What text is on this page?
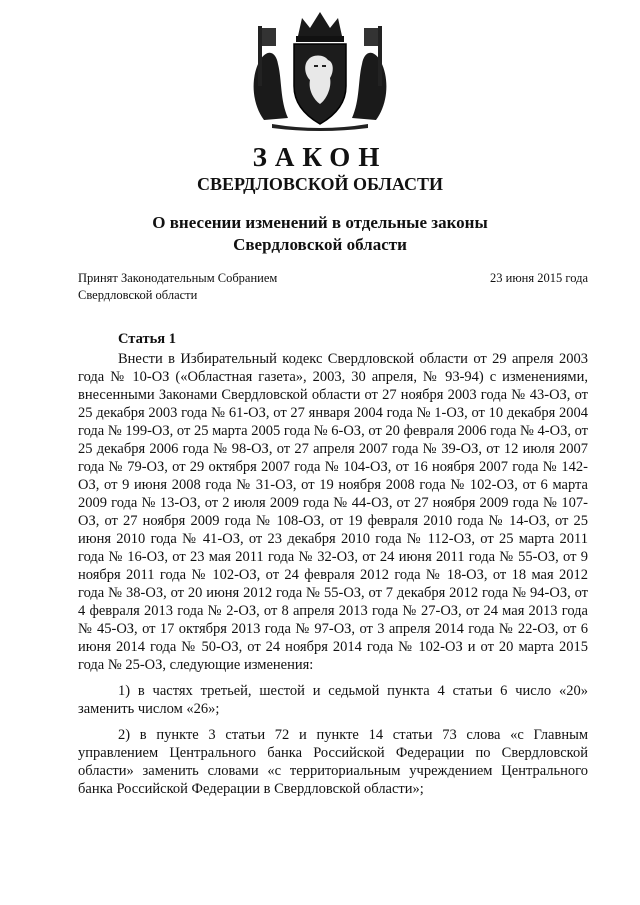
ЗАКОН
СВЕРДЛОВСКОЙ ОБЛАСТИ
О внесении изменений в отдельные законы
Свердловской области
Принят Законодательным Собранием
Свердловской области
23 июня 2015 года
Статья 1

Внести в Избирательный кодекс Свердловской области от 29 апреля 2003 года № 10-ОЗ («Областная газета», 2003, 30 апреля, № 93-94) с изменениями, внесенными Законами Свердловской области от 27 ноября 2003 года № 43-ОЗ, от 25 декабря 2003 года № 61-ОЗ, от 27 января 2004 года № 1-ОЗ, от 10 декабря 2004 года № 199-ОЗ, от 25 марта 2005 года № 6-ОЗ, от 20 февраля 2006 года № 4-ОЗ, от 25 декабря 2006 года № 98-ОЗ, от 27 апреля 2007 года № 39-ОЗ, от 12 июля 2007 года № 79-ОЗ, от 29 октября 2007 года № 104-ОЗ, от 16 ноября 2007 года № 142-ОЗ, от 9 июня 2008 года № 31-ОЗ, от 19 ноября 2008 года № 102-ОЗ, от 6 марта 2009 года № 13-ОЗ, от 2 июля 2009 года № 44-ОЗ, от 27 ноября 2009 года № 107-ОЗ, от 27 ноября 2009 года № 108-ОЗ, от 19 февраля 2010 года № 14-ОЗ, от 25 июня 2010 года № 41-ОЗ, от 23 декабря 2010 года № 112-ОЗ, от 25 марта 2011 года № 16-ОЗ, от 23 мая 2011 года № 32-ОЗ, от 24 июня 2011 года № 55-ОЗ, от 9 ноября 2011 года № 102-ОЗ, от 24 февраля 2012 года № 18-ОЗ, от 18 мая 2012 года № 38-ОЗ, от 20 июня 2012 года № 55-ОЗ, от 7 декабря 2012 года № 94-ОЗ, от 4 февраля 2013 года № 2-ОЗ, от 8 апреля 2013 года № 27-ОЗ, от 24 мая 2013 года № 45-ОЗ, от 17 октября 2013 года № 97-ОЗ, от 3 апреля 2014 года № 22-ОЗ, от 6 июня 2014 года № 50-ОЗ, от 24 ноября 2014 года № 102-ОЗ и от 20 марта 2015 года № 25-ОЗ, следующие изменения:

1) в частях третьей, шестой и седьмой пункта 4 статьи 6 число «20» заменить числом «26»;

2) в пункте 3 статьи 72 и пункте 14 статьи 73 слова «с Главным управлением Центрального банка Российской Федерации по Свердловской области» заменить словами «с территориальным учреждением Центрального банка Российской Федерации в Свердловской области»;
